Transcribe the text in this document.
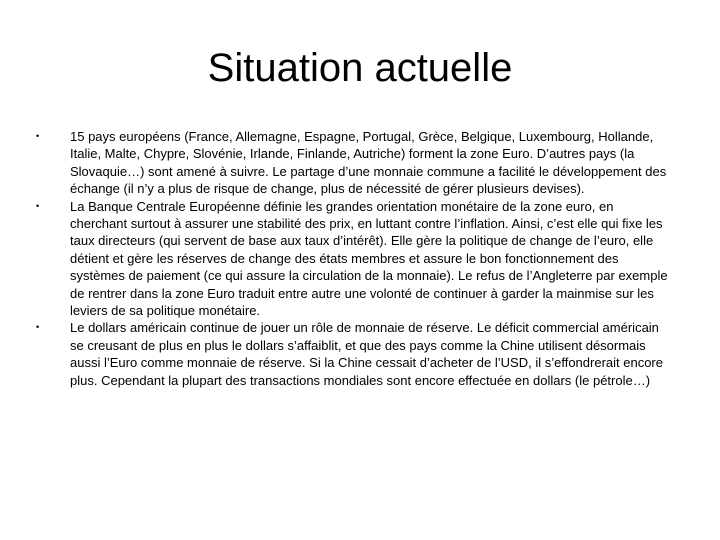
Situation actuelle
• 15 pays européens (France, Allemagne, Espagne, Portugal, Grèce, Belgique, Luxembourg, Hollande, Italie, Malte, Chypre, Slovénie, Irlande, Finlande, Autriche) forment la zone Euro. D’autres pays (la Slovaquie…) sont amené à suivre. Le partage d’une monnaie commune a facilité le développement des échange (il n’y a plus de risque de change, plus de nécessité de gérer plusieurs devises).
• La Banque Centrale Européenne définie les grandes orientation monétaire de la zone euro, en cherchant surtout à assurer une stabilité des prix, en luttant contre l’inflation. Ainsi, c’est elle qui fixe les taux directeurs (qui servent de base aux taux d’intérêt). Elle gère la politique de change de l’euro, elle détient et gère les réserves de change des états membres et assure le bon fonctionnement des systèmes de paiement (ce qui assure la circulation de la monnaie). Le refus de l’Angleterre par exemple de rentrer dans la zone Euro traduit entre autre une volonté de continuer à garder la mainmise sur les leviers de sa politique monétaire.
• Le dollars américain continue de jouer un rôle de monnaie de réserve. Le déficit commercial américain se creusant de plus en plus le dollars s’affaiblit, et que des pays comme la Chine utilisent désormais aussi l’Euro comme monnaie de réserve. Si la Chine cessait d’acheter de l’USD, il s’effondrerait encore plus. Cependant la plupart des transactions mondiales sont encore effectuée en dollars (le pétrole…)
